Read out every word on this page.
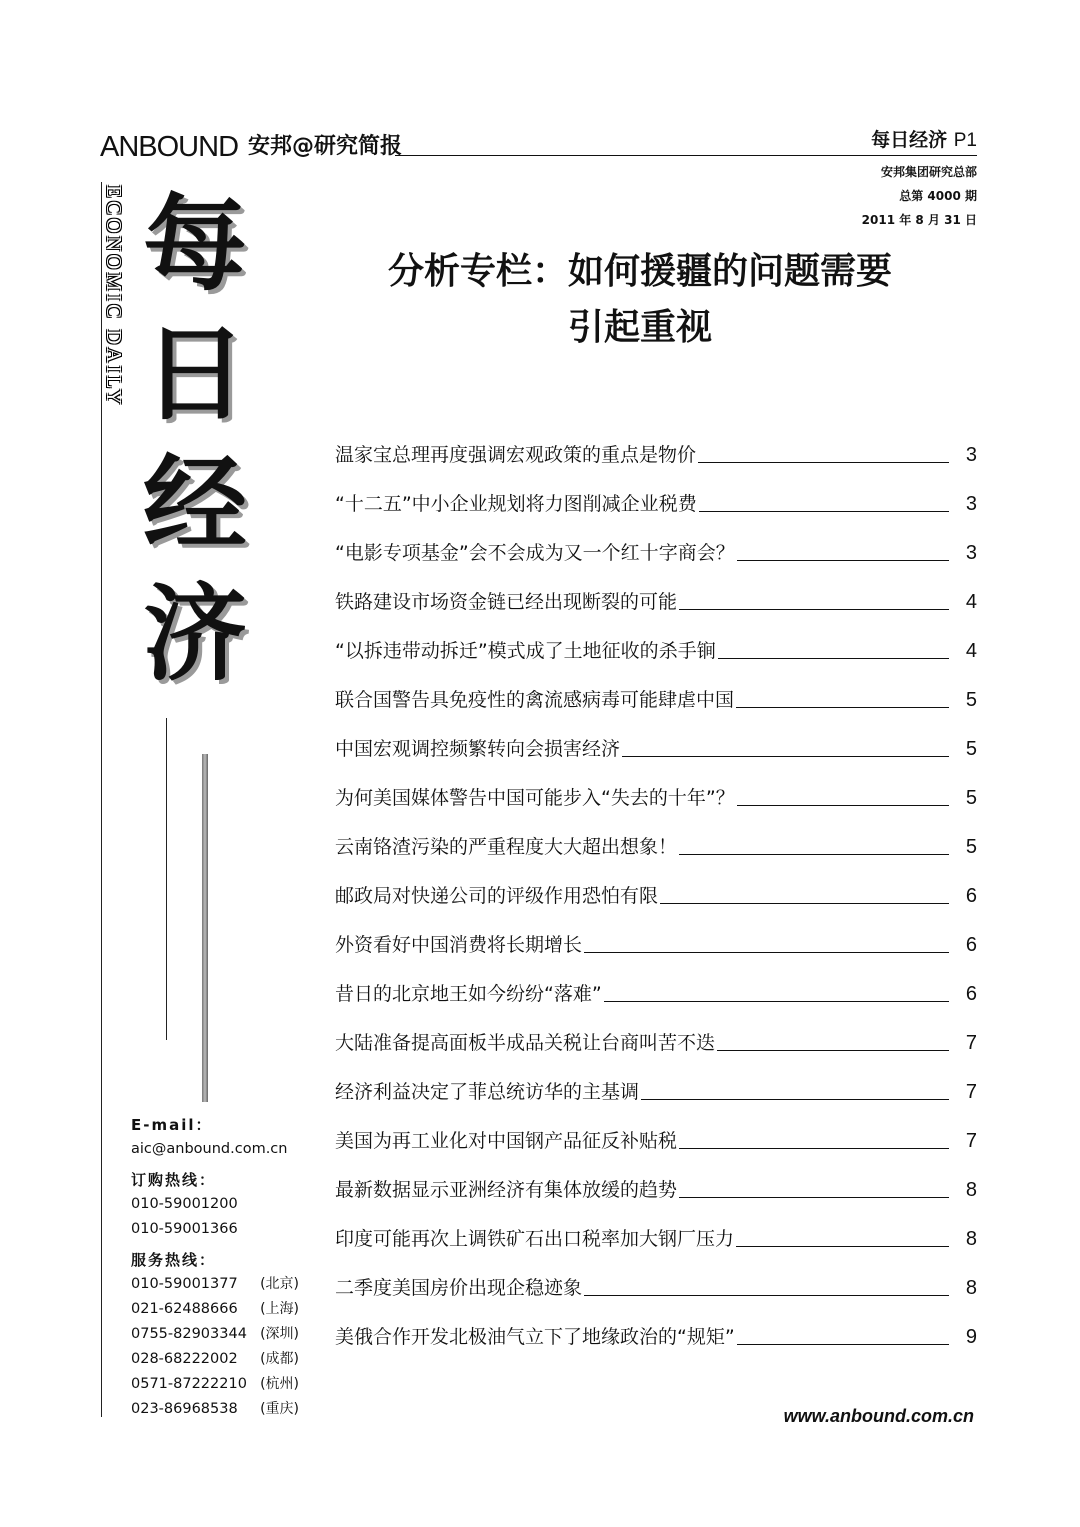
ANBOUND 安邦@研究简报	每日经济 P1
安邦集团研究总部
总第 4000 期
2011 年 8 月 31 日
ECONOMIC DAILY 每
日
经
济
E-mail：
aic@anbound.com.cn
订购热线：
010-59001200
010-59001366
服务热线：
010-59001377 (北京)
021-62488666 (上海)
0755-82903344 (深圳)
028-68222002 (成都)
0571-87222210 (杭州)
023-86968538 (重庆)
分析专栏：如何援疆的问题需要
引起重视
温家宝总理再度强调宏观政策的重点是物价	3
“十二五”中小企业规划将力图削减企业税费	3
“电影专项基金”会不会成为又一个红十字商会？	3
铁路建设市场资金链已经出现断裂的可能	4
“以拆违带动拆迁”模式成了土地征收的杀手锏	4
联合国警告具免疫性的禽流感病毒可能肆虐中国	5
中国宏观调控频繁转向会损害经济	5
为何美国媒体警告中国可能步入“失去的十年”？	5
云南铬渣污染的严重程度大大超出想象！	5
邮政局对快递公司的评级作用恐怕有限	6
外资看好中国消费将长期增长	6
昔日的北京地王如今纷纷“落难”	6
大陆准备提高面板半成品关税让台商叫苦不迭	7
经济利益决定了菲总统访华的主基调	7
美国为再工业化对中国钢产品征反补贴税	7
最新数据显示亚洲经济有集体放缓的趋势	8
印度可能再次上调铁矿石出口税率加大钢厂压力	8
二季度美国房价出现企稳迹象	8
美俄合作开发北极油气立下了地缘政治的“规矩”	9
www.anbound.com.cn
